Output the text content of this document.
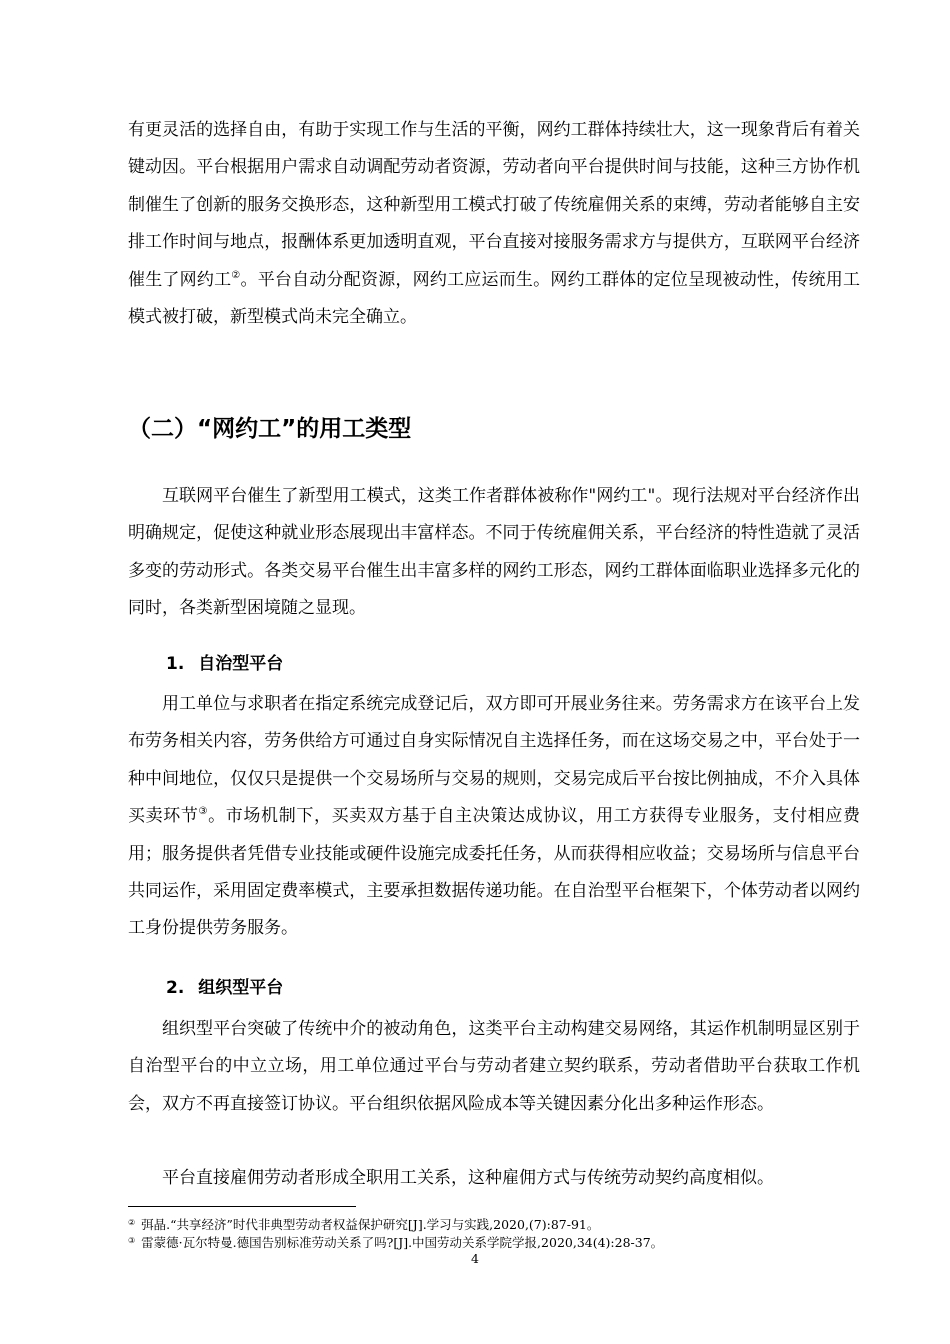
有更灵活的选择自由，有助于实现工作与生活的平衡，网约工群体持续壮大，这一现象背后有着关键动因。平台根据用户需求自动调配劳动者资源，劳动者向平台提供时间与技能，这种三方协作机制催生了创新的服务交换形态，这种新型用工模式打破了传统雇佣关系的束缚，劳动者能够自主安排工作时间与地点，报酬体系更加透明直观，平台直接对接服务需求方与提供方，互联网平台经济催生了网约工②。平台自动分配资源，网约工应运而生。网约工群体的定位呈现被动性，传统用工模式被打破，新型模式尚未完全确立。

（二）“网约工”的用工类型

互联网平台催生了新型用工模式，这类工作者群体被称作"网约工"。现行法规对平台经济作出明确规定，促使这种就业形态展现出丰富样态。不同于传统雇佣关系，平台经济的特性造就了灵活多变的劳动形式。各类交易平台催生出丰富多样的网约工形态，网约工群体面临职业选择多元化的同时，各类新型困境随之显现。

1. 自治型平台

用工单位与求职者在指定系统完成登记后，双方即可开展业务往来。劳务需求方在该平台上发布劳务相关内容，劳务供给方可通过自身实际情况自主选择任务，而在这场交易之中，平台处于一种中间地位，仅仅只是提供一个交易场所与交易的规则，交易完成后平台按比例抽成，不介入具体买卖环节③。市场机制下，买卖双方基于自主决策达成协议，用工方获得专业服务，支付相应费用；服务提供者凭借专业技能或硬件设施完成委托任务，从而获得相应收益；交易场所与信息平台共同运作，采用固定费率模式，主要承担数据传递功能。在自治型平台框架下，个体劳动者以网约工身份提供劳务服务。

2. 组织型平台

组织型平台突破了传统中介的被动角色，这类平台主动构建交易网络，其运作机制明显区别于自治型平台的中立立场，用工单位通过平台与劳动者建立契约联系，劳动者借助平台获取工作机会，双方不再直接签订协议。平台组织依据风险成本等关键因素分化出多种运作形态。

平台直接雇佣劳动者形成全职用工关系，这种雇佣方式与传统劳动契约高度相似。

② 弭晶.“共享经济”时代非典型劳动者权益保护研究[J].学习与实践,2020,(7):87-91。

③ 雷蒙德·瓦尔特曼.德国告别标准劳动关系了吗?[J].中国劳动关系学院学报,2020,34(4):28-37。

4
